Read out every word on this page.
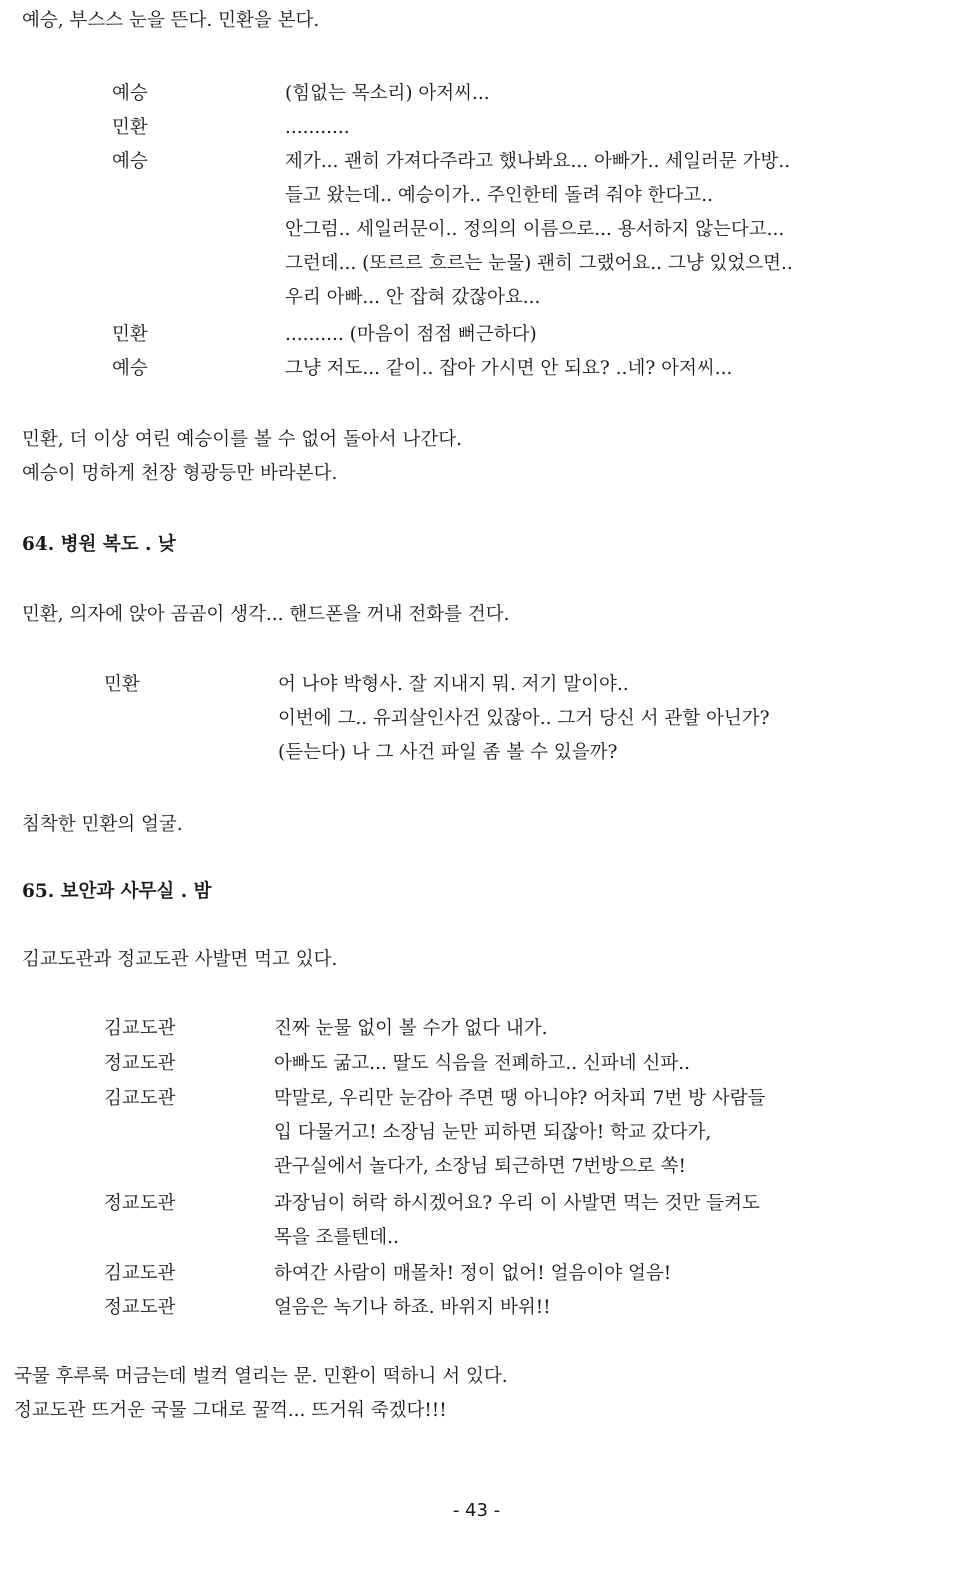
예승, 부스스 눈을 뜬다. 민환을 본다.
예승	(힘없는 목소리) 아저씨...
민환	...........
예승	제가... 괜히 가져다주라고 했나봐요... 아빠가.. 세일러문 가방..
들고 왔는데.. 예승이가.. 주인한테 돌려 줘야 한다고..
안그럼.. 세일러문이.. 정의의 이름으로... 용서하지 않는다고...
그런데... (또르르 흐르는 눈물) 괜히 그랬어요.. 그냥 있었으면..
우리 아빠... 안 잡혀 갔잖아요...
민환	.......... (마음이 점점 뻐근하다)
예승	그냥 저도... 같이.. 잡아 가시면 안 되요? ..네? 아저씨...
민환, 더 이상 여린 예승이를 볼 수 없어 돌아서 나간다.
예승이 멍하게 천장 형광등만 바라본다.
64. 병원 복도 . 낮
민환, 의자에 앉아 곰곰이 생각... 핸드폰을 꺼내 전화를 건다.
민환	어 나야 박형사. 잘 지내지 뭐. 저기 말이야..
이번에 그.. 유괴살인사건 있잖아.. 그거 당신 서 관할 아닌가?
(듣는다) 나 그 사건 파일 좀 볼 수 있을까?
침착한 민환의 얼굴.
65. 보안과 사무실 . 밤
김교도관과 정교도관 사발면 먹고 있다.
김교도관	진짜 눈물 없이 볼 수가 없다 내가.
정교도관	아빠도 굶고... 딸도 식음을 전폐하고.. 신파네 신파..
김교도관	막말로, 우리만 눈감아 주면 땡 아니야? 어차피 7번 방 사람들
입 다물거고! 소장님 눈만 피하면 되잖아! 학교 갔다가,
관구실에서 놀다가, 소장님 퇴근하면 7번방으로 쏙!
정교도관	과장님이 허락 하시겠어요? 우리 이 사발면 먹는 것만 들켜도
목을 조를텐데..
김교도관	하여간 사람이 매몰차! 정이 없어! 얼음이야 얼음!
정교도관	얼음은 녹기나 하죠. 바위지 바위!!
국물 후루룩 머금는데 벌컥 열리는 문. 민환이 떡하니 서 있다.
정교도관 뜨거운 국물 그대로 꿀꺽... 뜨거워 죽겠다!!!
- 43 -
